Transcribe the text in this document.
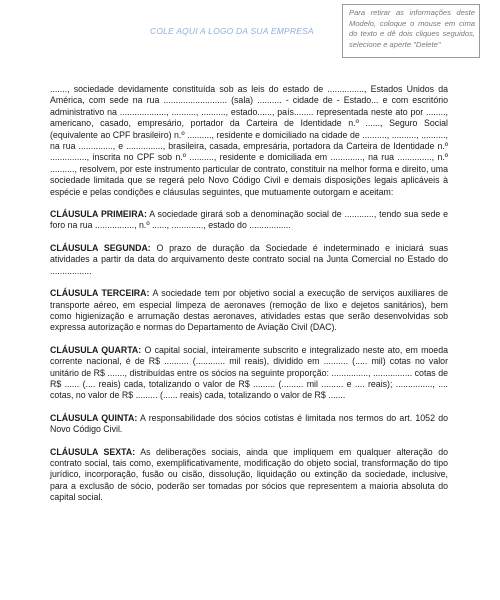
COLE AQUI A LOGO DA SUA EMPRESA
Para retirar as informações deste Modelo, coloque o mouse em cima do texto e dê dois cliques seguidos, selecione e aperte "Delete"

......., sociedade devidamente constituída sob as leis do estado de ..............., Estados Unidos da América, com sede na rua .......................... (sala) .......... - cidade de - Estado... e com escritório administrativo na ..................., .........., .........., estado......, país........ representada neste ato por ........, americano, casado, empresário, portador da Carteira de Identidade n.º ......, Seguro Social (equivalente ao CPF brasileiro) n.º .........., residente e domiciliado na cidade de .........., .........., .........., na rua .............., e ..............., brasileira, casada, empresária, portadora da Carteira de Identidade n.º ..............., inscrita no CPF sob n.º .........., residente e domiciliada em ............., na rua .............., n.º .........., resolvem, por este instrumento particular de contrato, constituir na melhor forma e direito, uma sociedade limitada que se regerá pelo Novo Código Civil e demais disposições legais aplicáveis à espécie e pelas condições e cláusulas seguintes, que mutuamente outorgam e aceitam:

CLÁUSULA PRIMEIRA: A sociedade girará sob a denominação social de ............, tendo sua sede e foro na rua ................, n.º ......, ............., estado do .................

CLÁUSULA SEGUNDA: O prazo de duração da Sociedade é indeterminado e iniciará suas atividades a partir da data do arquivamento deste contrato social na Junta Comercial no Estado do .................

CLÁUSULA TERCEIRA: A sociedade tem por objetivo social a execução de serviços auxiliares de transporte aéreo, em especial limpeza de aeronaves (remoção de lixo e dejetos sanitários), bem como higienização e arrumação destas aeronaves, atividades estas que serão desenvolvidas sob expressa autorização e normas do Departamento de Aviação Civil (DAC).

CLÁUSULA QUARTA: O capital social, inteiramente subscrito e integralizado neste ato, em moeda corrente nacional, é de R$ .......... (............ mil reais), dividido em .......... (..... mil) cotas no valor unitário de R$ ......., distribuídas entre os sócios na seguinte proporção: ..............., ................ cotas de R$ ...... (.... reais) cada, totalizando o valor de R$ ......... (......... mil ......... e .... reais); ..............., .... cotas, no valor de R$ ......... (...... reais) cada, totalizando o valor de R$ .......

CLÁUSULA QUINTA: A responsabilidade dos sócios cotistas é limitada nos termos do art. 1052 do Novo Código Civil.

CLÁUSULA SEXTA: As deliberações sociais, ainda que impliquem em qualquer alteração do contrato social, tais como, exemplificativamente, modificação do objeto social, transformação do tipo jurídico, incorporação, fusão ou cisão, dissolução, liquidação ou extinção da sociedade, inclusive, para a exclusão de sócio, poderão ser tomadas por sócios que representem a maioria absoluta do capital social.
